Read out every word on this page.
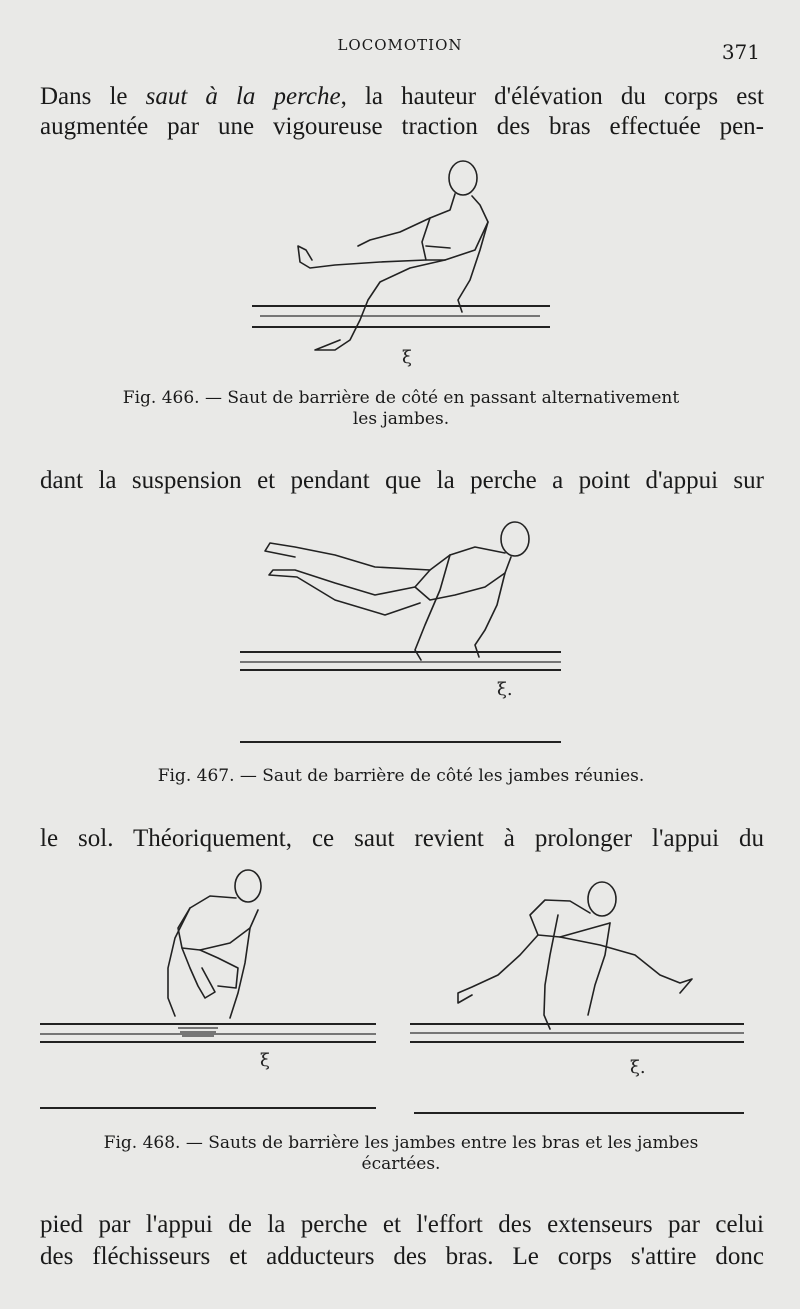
LOCOMOTION	371
Dans le saut à la perche, la hauteur d'élévation du corps est
augmentée par une vigoureuse traction des bras effectuée pen-
ξ
Fig. 466. — Saut de barrière de côté en passant alternativement
les jambes.
dant la suspension et pendant que la perche a point d'appui sur
ξ.
Fig. 467. — Saut de barrière de côté les jambes réunies.
le sol. Théoriquement, ce saut revient à prolonger l'appui du
ξ	ξ.
Fig. 468. — Sauts de barrière les jambes entre les bras et les jambes
écartées.
pied par l'appui de la perche et l'effort des extenseurs par celui
des fléchisseurs et adducteurs des bras. Le corps s'attire donc
